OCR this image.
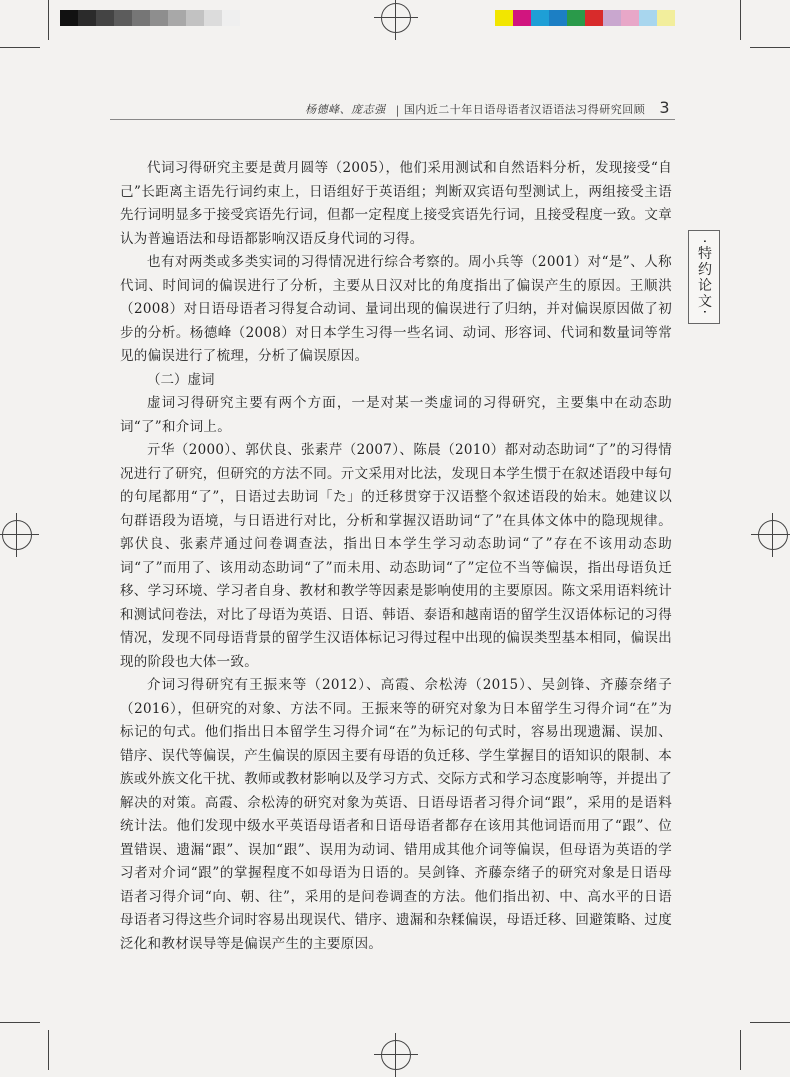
杨德峰、庞志强 | 国内近二十年日语母语者汉语语法习得研究回顾 3
·特约论文·

代词习得研究主要是黄月圆等（2005），他们采用测试和自然语料分析，发现接受“自己”长距离主语先行词约束上，日语组好于英语组；判断双宾语句型测试上，两组接受主语先行词明显多于接受宾语先行词，但都一定程度上接受宾语先行词，且接受程度一致。文章认为普遍语法和母语都影响汉语反身代词的习得。

也有对两类或多类实词的习得情况进行综合考察的。周小兵等（2001）对“是”、人称代词、时间词的偏误进行了分析，主要从日汉对比的角度指出了偏误产生的原因。王顺洪（2008）对日语母语者习得复合动词、量词出现的偏误进行了归纳，并对偏误原因做了初步的分析。杨德峰（2008）对日本学生习得一些名词、动词、形容词、代词和数量词等常见的偏误进行了梳理，分析了偏误原因。

（二）虚词

虚词习得研究主要有两个方面，一是对某一类虚词的习得研究，主要集中在动态助词“了”和介词上。

亓华（2000）、郭伏良、张素芹（2007）、陈晨（2010）都对动态助词“了”的习得情况进行了研究，但研究的方法不同。亓文采用对比法，发现日本学生惯于在叙述语段中每句的句尾都用“了”，日语过去助词「た」的迁移贯穿于汉语整个叙述语段的始末。她建议以句群语段为语境，与日语进行对比，分析和掌握汉语助词“了”在具体文体中的隐现规律。郭伏良、张素芹通过问卷调查法，指出日本学生学习动态助词“了”存在不该用动态助词“了”而用了、该用动态助词“了”而未用、动态助词“了”定位不当等偏误，指出母语负迁移、学习环境、学习者自身、教材和教学等因素是影响使用的主要原因。陈文采用语料统计和测试问卷法，对比了母语为英语、日语、韩语、泰语和越南语的留学生汉语体标记的习得情况，发现不同母语背景的留学生汉语体标记习得过程中出现的偏误类型基本相同，偏误出现的阶段也大体一致。

介词习得研究有王振来等（2012）、高霞、佘松涛（2015）、吴剑锋、齐藤奈绪子（2016），但研究的对象、方法不同。王振来等的研究对象为日本留学生习得介词“在”为标记的句式。他们指出日本留学生习得介词“在”为标记的句式时，容易出现遗漏、误加、错序、误代等偏误，产生偏误的原因主要有母语的负迁移、学生掌握目的语知识的限制、本族或外族文化干扰、教师或教材影响以及学习方式、交际方式和学习态度影响等，并提出了解决的对策。高霞、佘松涛的研究对象为英语、日语母语者习得介词“跟”，采用的是语料统计法。他们发现中级水平英语母语者和日语母语者都存在该用其他词语而用了“跟”、位置错误、遗漏“跟”、误加“跟”、误用为动词、错用成其他介词等偏误，但母语为英语的学习者对介词“跟”的掌握程度不如母语为日语的。吴剑锋、齐藤奈绪子的研究对象是日语母语者习得介词“向、朝、往”，采用的是问卷调查的方法。他们指出初、中、高水平的日语母语者习得这些介词时容易出现误代、错序、遗漏和杂糅偏误，母语迁移、回避策略、过度泛化和教材误导等是偏误产生的主要原因。
